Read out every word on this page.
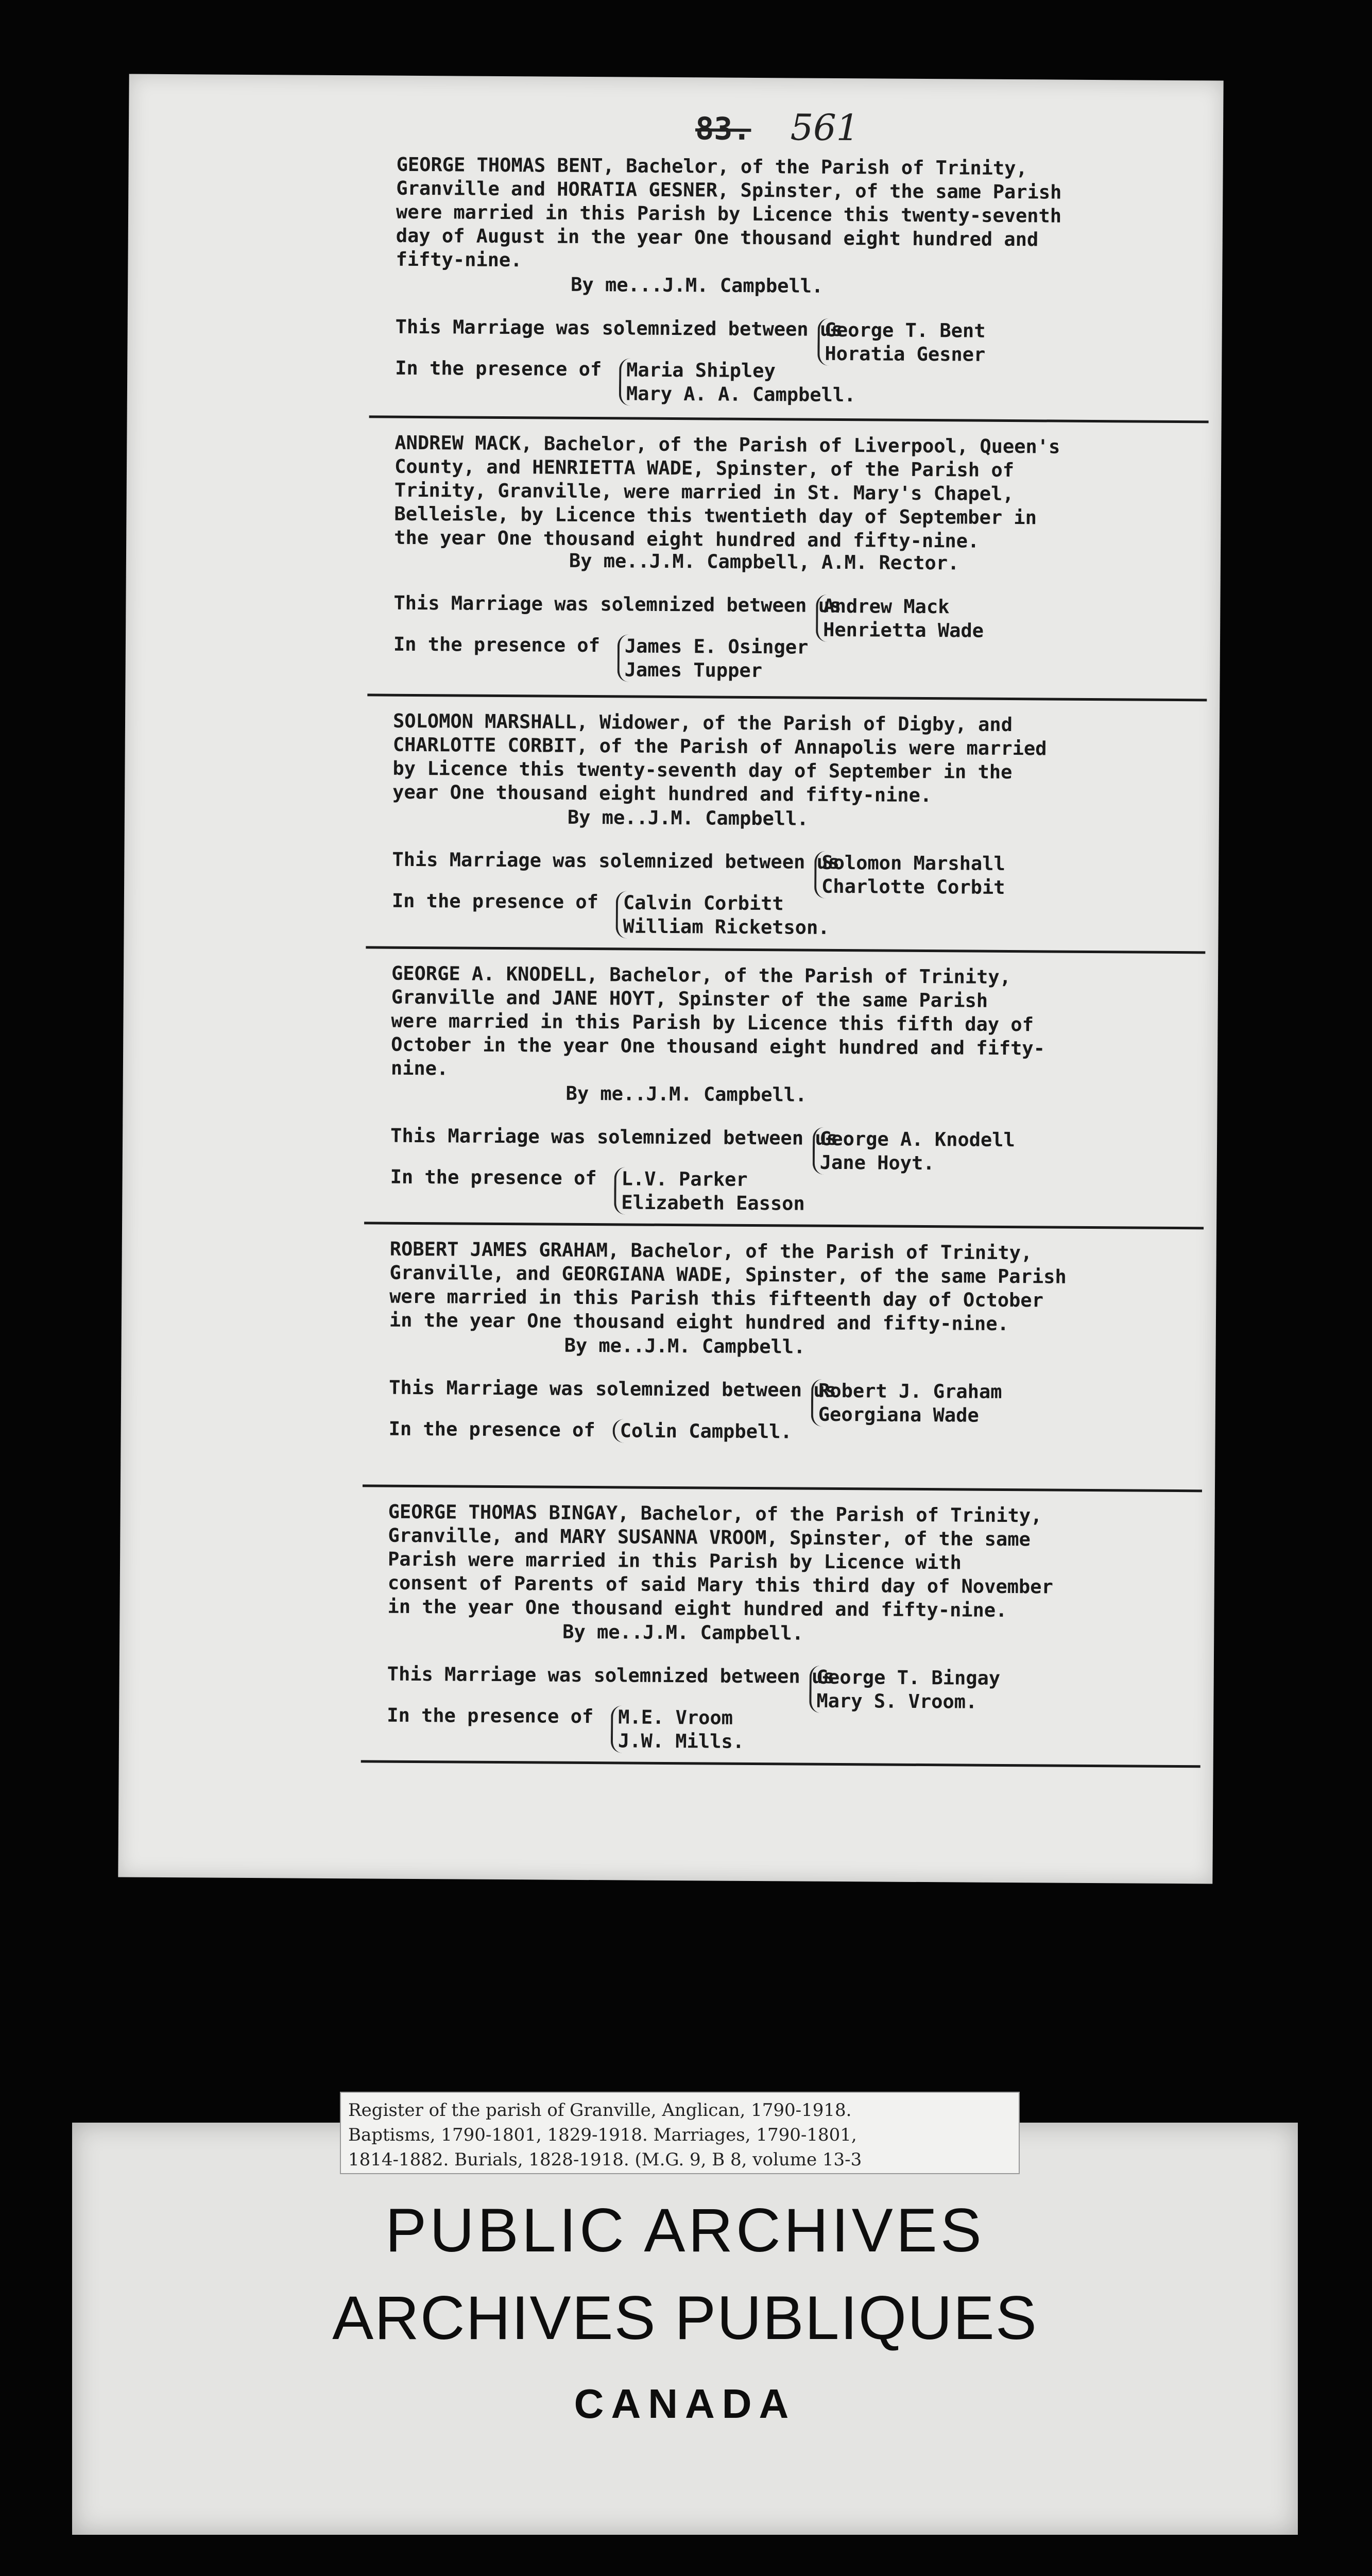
83. 561
GEORGE THOMAS BENT, Bachelor, of the Parish of Trinity,
Granville and HORATIA GESNER, Spinster, of the same Parish
were married in this Parish by Licence this twenty-seventh
day of August in the year One thousand eight hundred and
fifty-nine.
By me...J.M. Campbell.
This Marriage was solemnized between us
George T. Bent
Horatia Gesner
In the presence of Maria Shipley
Mary A. A. Campbell.
ANDREW MACK, Bachelor, of the Parish of Liverpool, Queen's
County, and HENRIETTA WADE, Spinster, of the Parish of
Trinity, Granville, were married in St. Mary's Chapel,
Belleisle, by Licence this twentieth day of September in
the year One thousand eight hundred and fifty-nine.
By me..J.M. Campbell, A.M. Rector.
This Marriage was solemnized between us
Andrew Mack
Henrietta Wade
In the presence of James E. Osinger
James Tupper
SOLOMON MARSHALL, Widower, of the Parish of Digby, and
CHARLOTTE CORBIT, of the Parish of Annapolis were married
by Licence this twenty-seventh day of September in the
year One thousand eight hundred and fifty-nine.
By me..J.M. Campbell.
This Marriage was solemnized between us
Solomon Marshall
Charlotte Corbit
In the presence of Calvin Corbitt
William Ricketson.
GEORGE A. KNODELL, Bachelor, of the Parish of Trinity,
Granville and JANE HOYT, Spinster of the same Parish
were married in this Parish by Licence this fifth day of
October in the year One thousand eight hundred and fifty-
nine.
By me..J.M. Campbell.
This Marriage was solemnized between us
George A. Knodell
Jane Hoyt.
In the presence of L.V. Parker
Elizabeth Easson
ROBERT JAMES GRAHAM, Bachelor, of the Parish of Trinity,
Granville, and GEORGIANA WADE, Spinster, of the same Parish
were married in this Parish this fifteenth day of October
in the year One thousand eight hundred and fifty-nine.
By me..J.M. Campbell.
This Marriage was solemnized between us
Robert J. Graham
Georgiana Wade
In the presence of Colin Campbell.
GEORGE THOMAS BINGAY, Bachelor, of the Parish of Trinity,
Granville, and MARY SUSANNA VROOM, Spinster, of the same
Parish were married in this Parish by Licence with
consent of Parents of said Mary this third day of November
in the year One thousand eight hundred and fifty-nine.
By me..J.M. Campbell.
This Marriage was solemnized between us
George T. Bingay
Mary S. Vroom.
In the presence of M.E. Vroom
J.W. Mills.
PUBLIC ARCHIVES
ARCHIVES PUBLIQUES
CANADA
Register of the parish of Granville, Anglican, 1790-1918.
Baptisms, 1790-1801, 1829-1918. Marriages, 1790-1801,
1814-1882. Burials, 1828-1918. (M.G. 9, B 8, volume 13-3
